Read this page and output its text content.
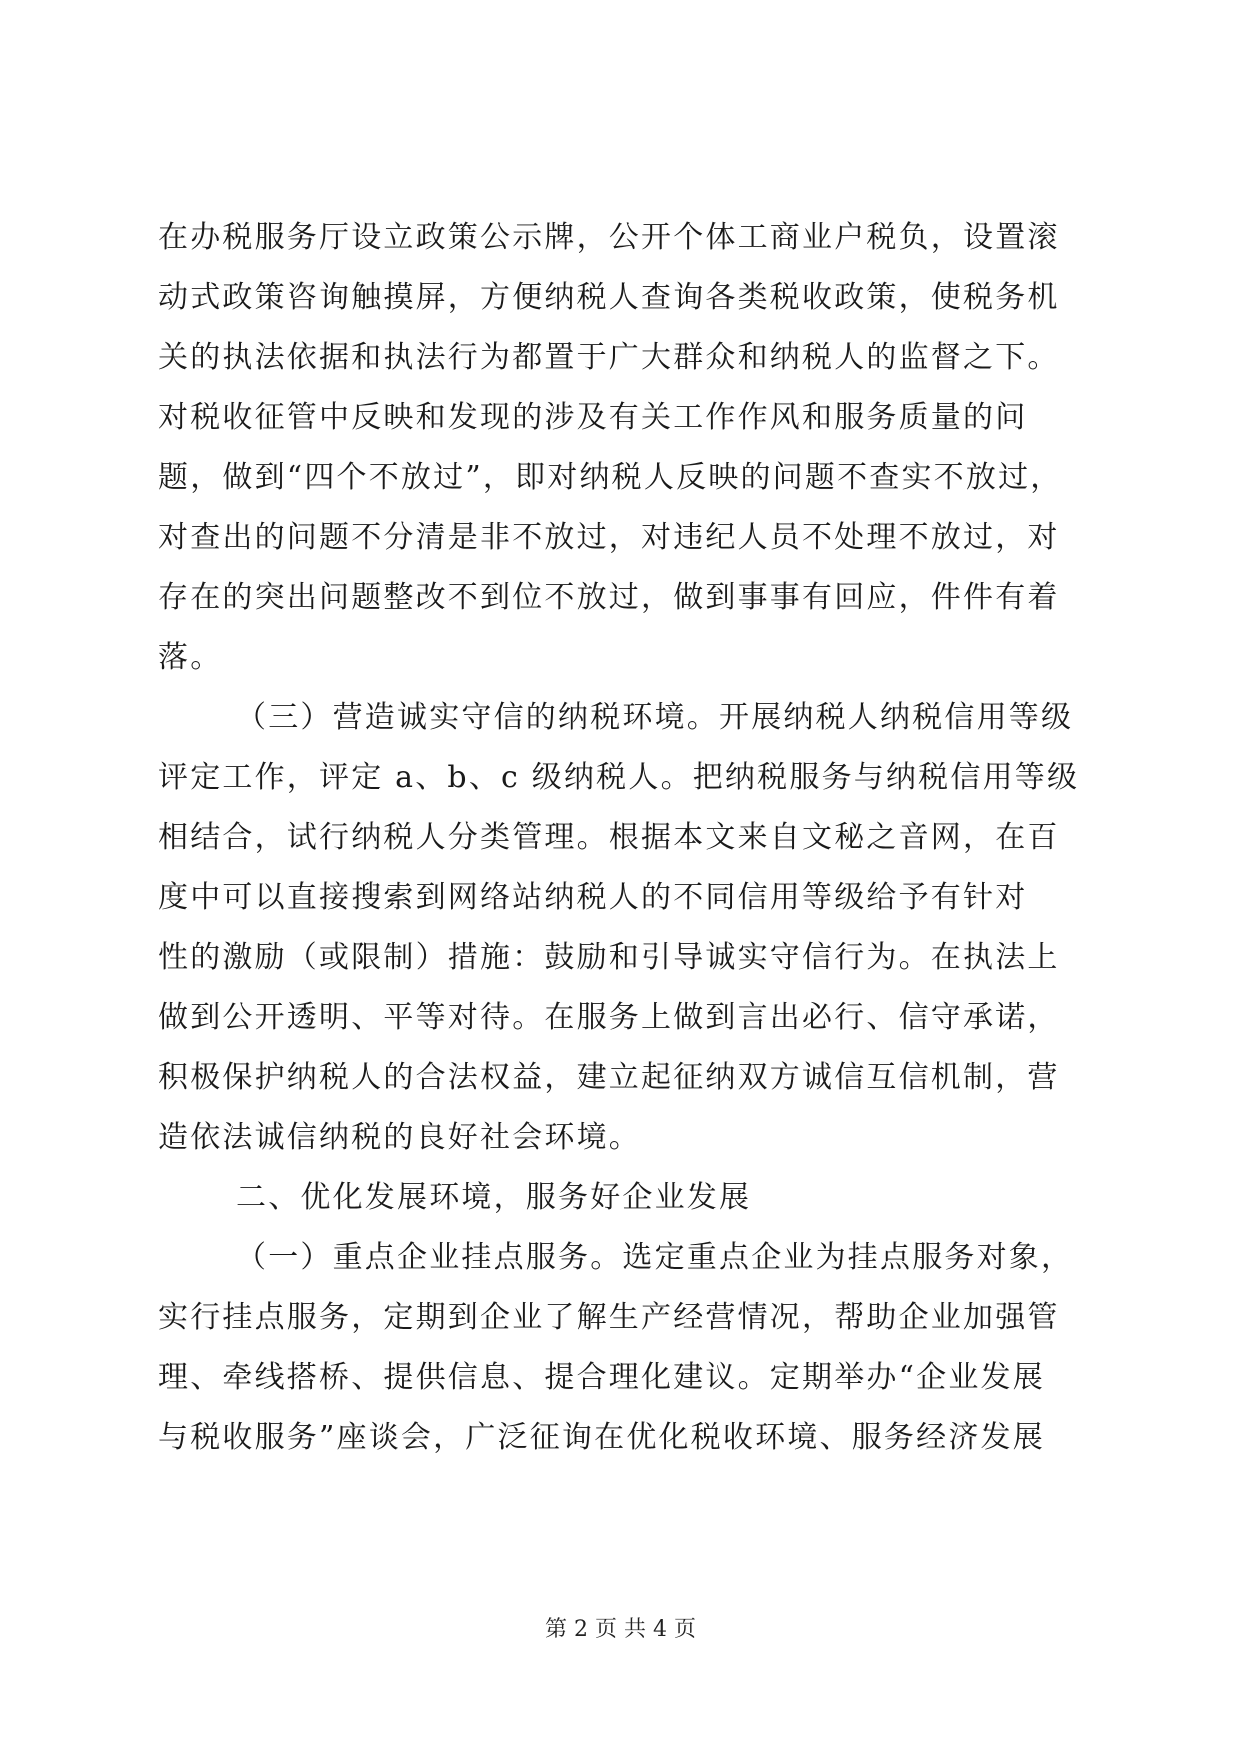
在办税服务厅设立政策公示牌，公开个体工商业户税负，设置滚
动式政策咨询触摸屏，方便纳税人查询各类税收政策，使税务机
关的执法依据和执法行为都置于广大群众和纳税人的监督之下。
对税收征管中反映和发现的涉及有关工作作风和服务质量的问
题，做到“四个不放过”，即对纳税人反映的问题不查实不放过，
对查出的问题不分清是非不放过，对违纪人员不处理不放过，对
存在的突出问题整改不到位不放过，做到事事有回应，件件有着
落。
（三）营造诚实守信的纳税环境。开展纳税人纳税信用等级
评定工作，评定 a、b、c 级纳税人。把纳税服务与纳税信用等级
相结合，试行纳税人分类管理。根据本文来自文秘之音网，在百
度中可以直接搜索到网络站纳税人的不同信用等级给予有针对
性的激励（或限制）措施：鼓励和引导诚实守信行为。在执法上
做到公开透明、平等对待。在服务上做到言出必行、信守承诺，
积极保护纳税人的合法权益，建立起征纳双方诚信互信机制，营
造依法诚信纳税的良好社会环境。
二、优化发展环境，服务好企业发展
（一）重点企业挂点服务。选定重点企业为挂点服务对象，
实行挂点服务，定期到企业了解生产经营情况，帮助企业加强管
理、牵线搭桥、提供信息、提合理化建议。定期举办“企业发展
与税收服务”座谈会，广泛征询在优化税收环境、服务经济发展
第 2 页 共 4 页
